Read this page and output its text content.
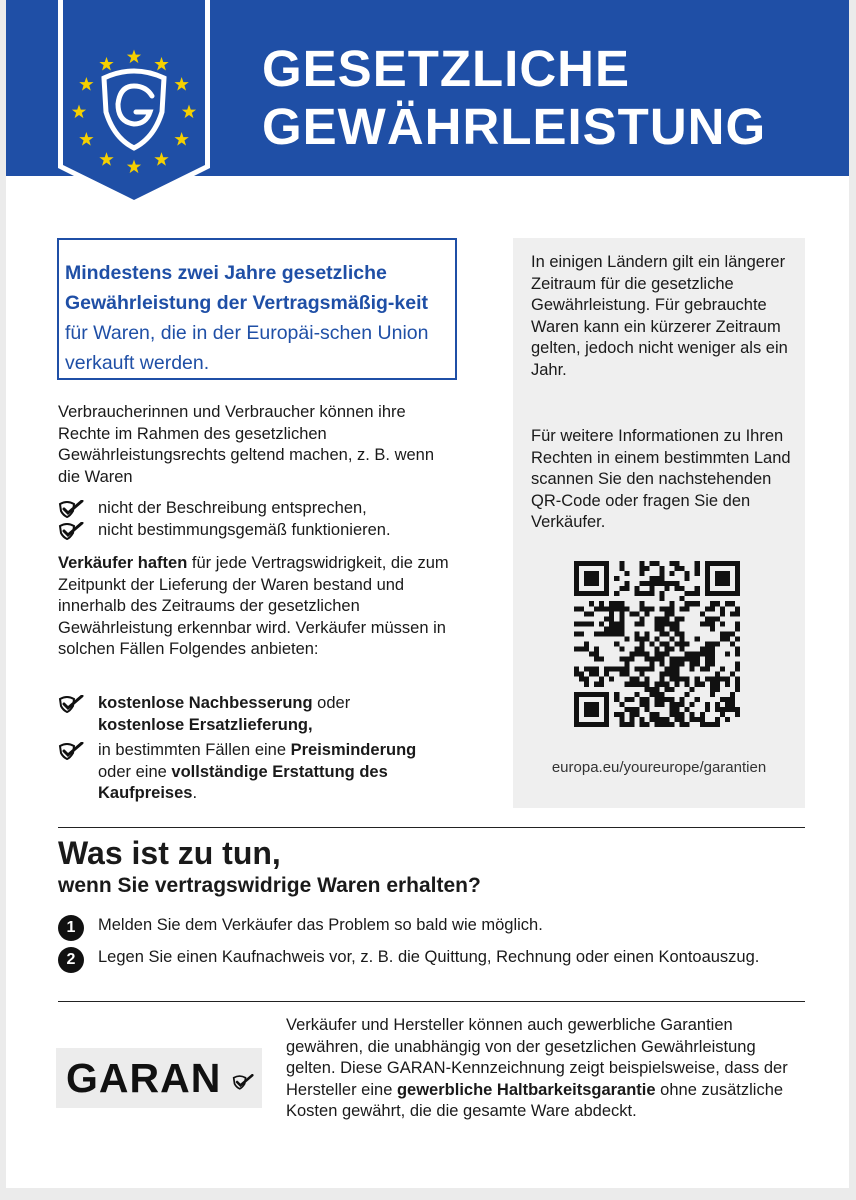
GESETZLICHE
GEWÄHRLEISTUNG
Mindestens zwei Jahre gesetzliche Gewährleistung der Vertragsmäßig-keit für Waren, die in der Europäi-schen Union verkauft werden.
Verbraucherinnen und Verbraucher können ihre Rechte im Rahmen des gesetzlichen Gewährleistungsrechts geltend machen, z. B. wenn die Waren
nicht der Beschreibung entsprechen,
nicht bestimmungsgemäß funktionieren.
Verkäufer haften für jede Vertragswidrigkeit, die zum Zeitpunkt der Lieferung der Waren bestand und innerhalb des Zeitraums der gesetzlichen Gewährleistung erkennbar wird. Verkäufer müssen in solchen Fällen Folgendes anbieten:
kostenlose Nachbesserung oder
kostenlose Ersatzlieferung,
in bestimmten Fällen eine Preisminderung
oder eine vollständige Erstattung des Kaufpreises.
In einigen Ländern gilt ein längerer Zeitraum für die gesetzliche Gewährleistung. Für gebrauchte Waren kann ein kürzerer Zeitraum gelten, jedoch nicht weniger als ein Jahr.
Für weitere Informationen zu Ihren Rechten in einem bestimmten Land scannen Sie den nachstehenden QR-Code oder fragen Sie den Verkäufer.
europa.eu/youreurope/garantien
Was ist zu tun,
wenn Sie vertragswidrige Waren erhalten?
1	Melden Sie dem Verkäufer das Problem so bald wie möglich.
2	Legen Sie einen Kaufnachweis vor, z. B. die Quittung, Rechnung oder einen Kontoauszug.
GARAN
Verkäufer und Hersteller können auch gewerbliche Garantien gewähren, die unabhängig von der gesetzlichen Gewährleistung gelten. Diese GARAN-Kennzeichnung zeigt beispielsweise, dass der Hersteller eine gewerbliche Haltbarkeitsgarantie ohne zusätzliche Kosten gewährt, die die gesamte Ware abdeckt.
